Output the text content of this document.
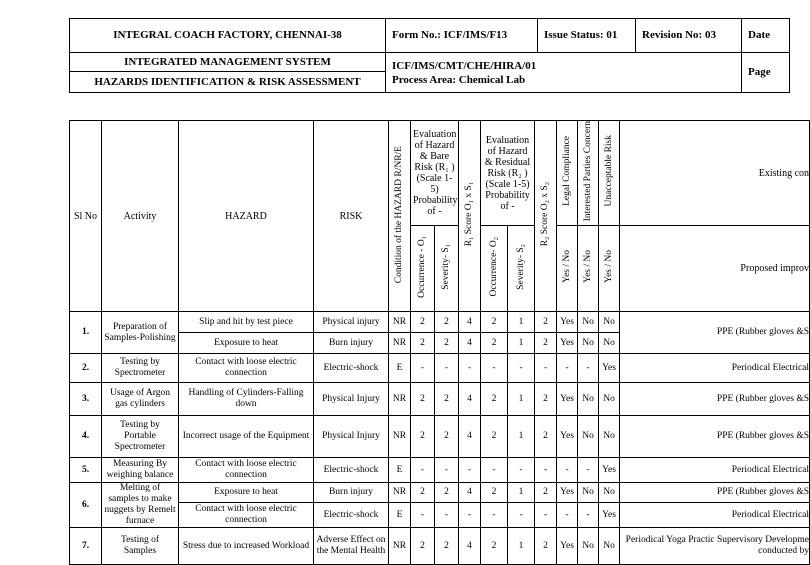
INTEGRAL COACH FACTORY, CHENNAI-38	Form No.: ICF/IMS/F13	Issue Status: 01	Revision No: 03	Date
INTEGRATED MANAGEMENT SYSTEM	ICF/IMS/CMT/CHE/HIRA/01
Process Area: Chemical Lab			Page
HAZARDS IDENTIFICATION & RISK ASSESSMENT				
Sl No	Activity	HAZARD	RISK	Condition of the HAZARD R/NR/E	Evaluation of Hazard & Bare Risk (R₁ ) (Scale 1-5) Probability of -		R₁ Score O₁ x S₁	Evaluation of Hazard & Residual Risk (R₂ ) (Scale 1-5) Probability of -		R₂ Score O₂ x S₂	Legal Compliance	Interested Parties Concern	Unacceptable Risk	Existing con
					Occurrence - O₁	Severity- S₁		Occurrence- O₂	Severity- S₂		Yes / No	Yes / No	Yes / No	Proposed improv
1.	Preparation of Samples-Polishing	Slip and hit by test piece	Physical injury	NR	2	2	4	2	1	2	Yes	No	No	PPE (Rubber gloves &S
		Exposure to heat	Burn injury	NR	2	2	4	2	1	2	Yes	No	No	
2.	Testing by Spectrometer	Contact with loose electric connection	Electric-shock	E	-	-	-	-	-	-	-	-	Yes	Periodical Electrical
3.	Usage of Argon gas cylinders	Handling of Cylinders-Falling down	Physical Injury	NR	2	2	4	2	1	2	Yes	No	No	PPE (Rubber gloves &S
4.	Testing by Portable Spectrometer	Incorrect usage of the Equipment	Physical Injury	NR	2	2	4	2	1	2	Yes	No	No	PPE (Rubber gloves &S
5.	Measuring By weighing balance	Contact with loose electric connection	Electric-shock	E	-	-	-	-	-	-	-	-	Yes	Periodical Electrical
6.	Melting of samples to make nuggets by Remelt furnace	Exposure to heat	Burn injury	NR	2	2	4	2	1	2	Yes	No	No	PPE (Rubber gloves &S
		Contact with loose electric connection	Electric-shock	E	-	-	-	-	-	-	-	-	Yes	Periodical Electrical
7.	Testing of Samples	Stress due to increased Workload	Adverse Effect on the Mental Health	NR	2	2	4	2	1	2	Yes	No	No	Periodical Yoga Practic Supervisory Developme conducted by
